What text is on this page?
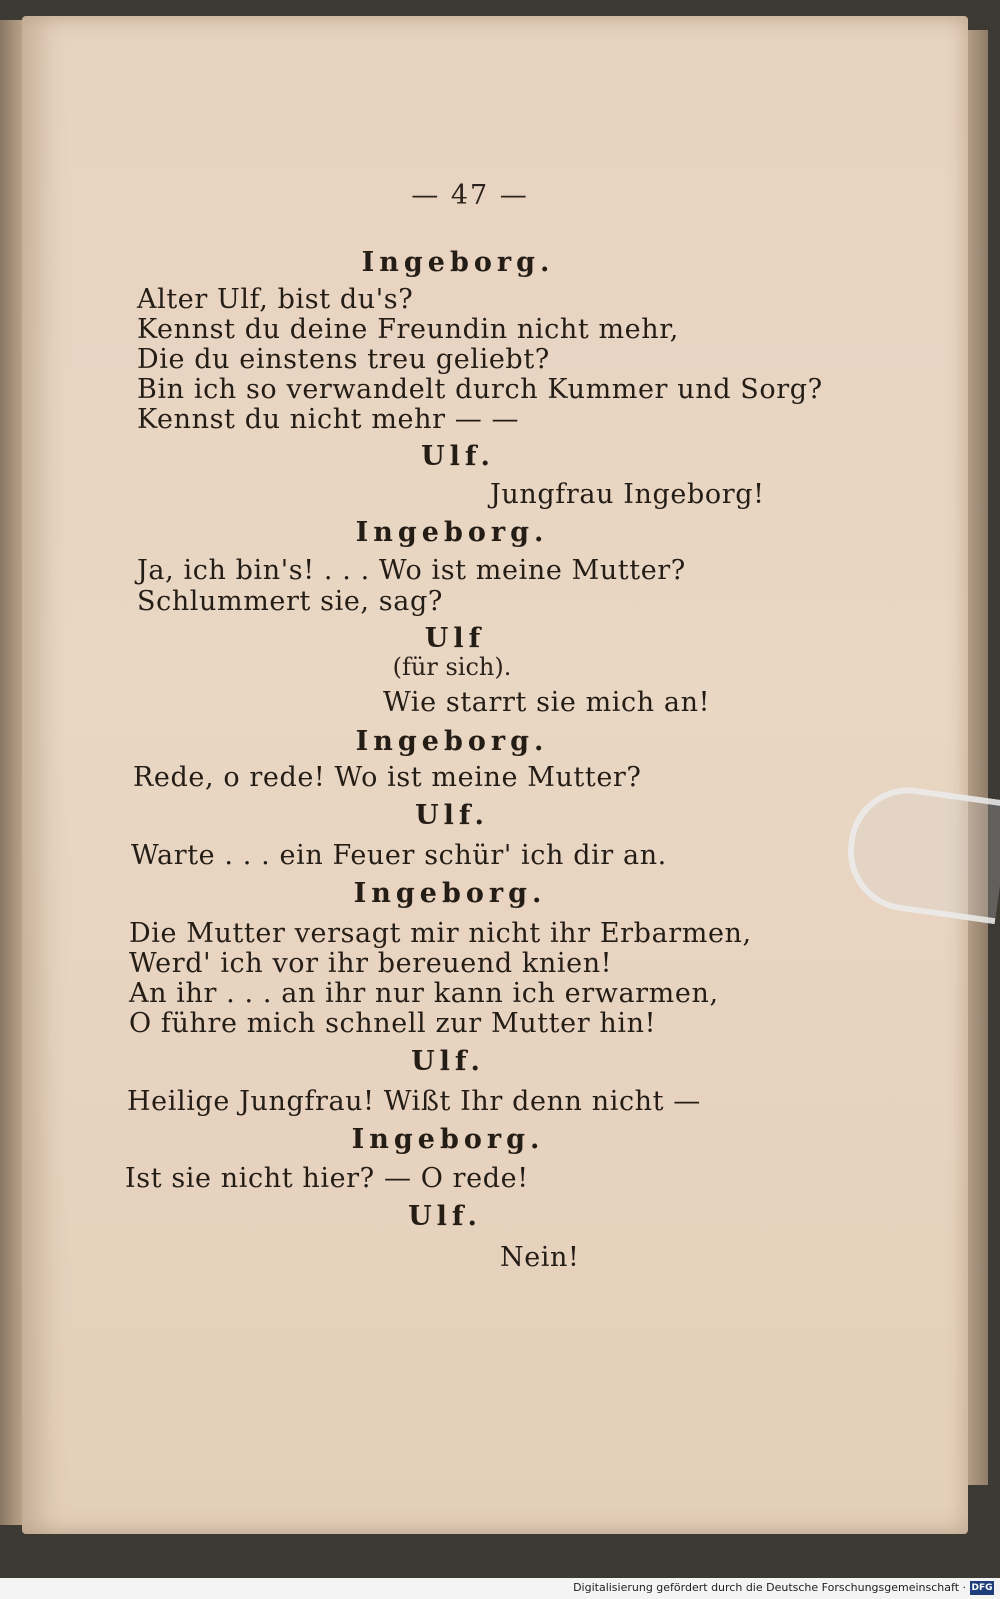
— 47 —
Ingeborg.
Alter Ulf, bist du's?
Kennst du deine Freundin nicht mehr,
Die du einstens treu geliebt?
Bin ich so verwandelt durch Kummer und Sorg?
Kennst du nicht mehr — —
Ulf.
Jungfrau Ingeborg!
Ingeborg.
Ja, ich bin's! . . . Wo ist meine Mutter?
Schlummert sie, sag?
Ulf
(für sich).
Wie starrt sie mich an!
Ingeborg.
Rede, o rede! Wo ist meine Mutter?
Ulf.
Warte . . . ein Feuer schür' ich dir an.
Ingeborg.
Die Mutter versagt mir nicht ihr Erbarmen,
Werd' ich vor ihr bereuend knien!
An ihr . . . an ihr nur kann ich erwarmen,
O führe mich schnell zur Mutter hin!
Ulf.
Heilige Jungfrau! Wißt Ihr denn nicht —
Ingeborg.
Ist sie nicht hier? — O rede!
Ulf.
Nein!
Digitalisierung gefördert durch die Deutsche Forschungsgemeinschaft · DFG
